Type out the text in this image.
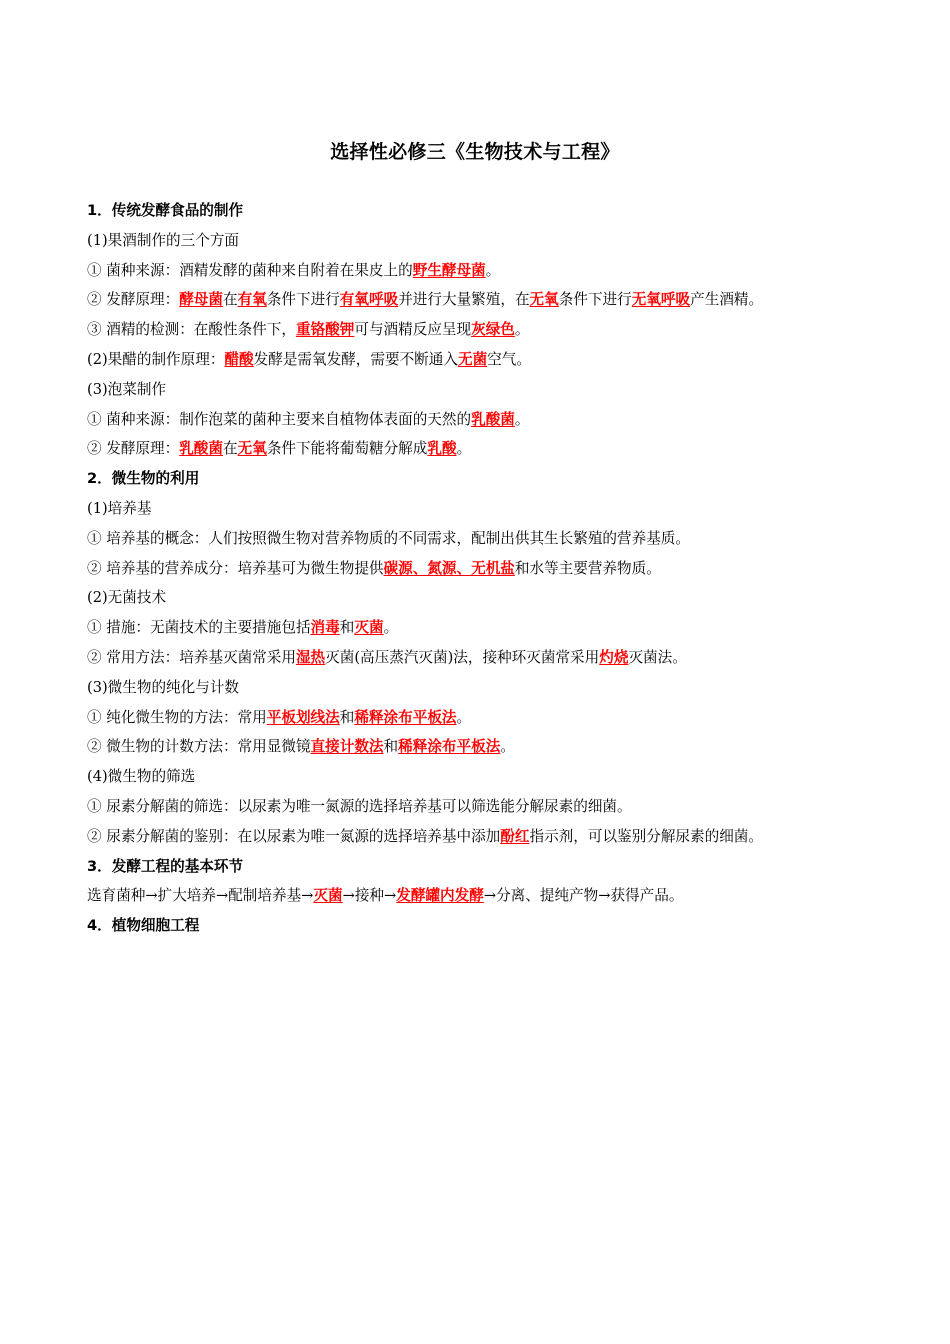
选择性必修三《生物技术与工程》
1．传统发酵食品的制作
(1)果酒制作的三个方面
① 菌种来源：酒精发酵的菌种来自附着在果皮上的野生酵母菌。
② 发酵原理：酵母菌在有氧条件下进行有氧呼吸并进行大量繁殖，在无氧条件下进行无氧呼吸产生酒精。
③ 酒精的检测：在酸性条件下，重铬酸钾可与酒精反应呈现灰绿色。
(2)果醋的制作原理：醋酸发酵是需氧发酵，需要不断通入无菌空气。
(3)泡菜制作
① 菌种来源：制作泡菜的菌种主要来自植物体表面的天然的乳酸菌。
② 发酵原理：乳酸菌在无氧条件下能将葡萄糖分解成乳酸。
2．微生物的利用
(1)培养基
① 培养基的概念：人们按照微生物对营养物质的不同需求，配制出供其生长繁殖的营养基质。
② 培养基的营养成分：培养基可为微生物提供碳源、氮源、无机盐和水等主要营养物质。
(2)无菌技术
① 措施：无菌技术的主要措施包括消毒和灭菌。
② 常用方法：培养基灭菌常采用湿热灭菌(高压蒸汽灭菌)法，接种环灭菌常采用灼烧灭菌法。
(3)微生物的纯化与计数
① 纯化微生物的方法：常用平板划线法和稀释涂布平板法。
② 微生物的计数方法：常用显微镜直接计数法和稀释涂布平板法。
(4)微生物的筛选
① 尿素分解菌的筛选：以尿素为唯一氮源的选择培养基可以筛选能分解尿素的细菌。
② 尿素分解菌的鉴别：在以尿素为唯一氮源的选择培养基中添加酚红指示剂，可以鉴别分解尿素的细菌。
3．发酵工程的基本环节
选育菌种→扩大培养→配制培养基→灭菌→接种→发酵罐内发酵→分离、提纯产物→获得产品。
4．植物细胞工程
